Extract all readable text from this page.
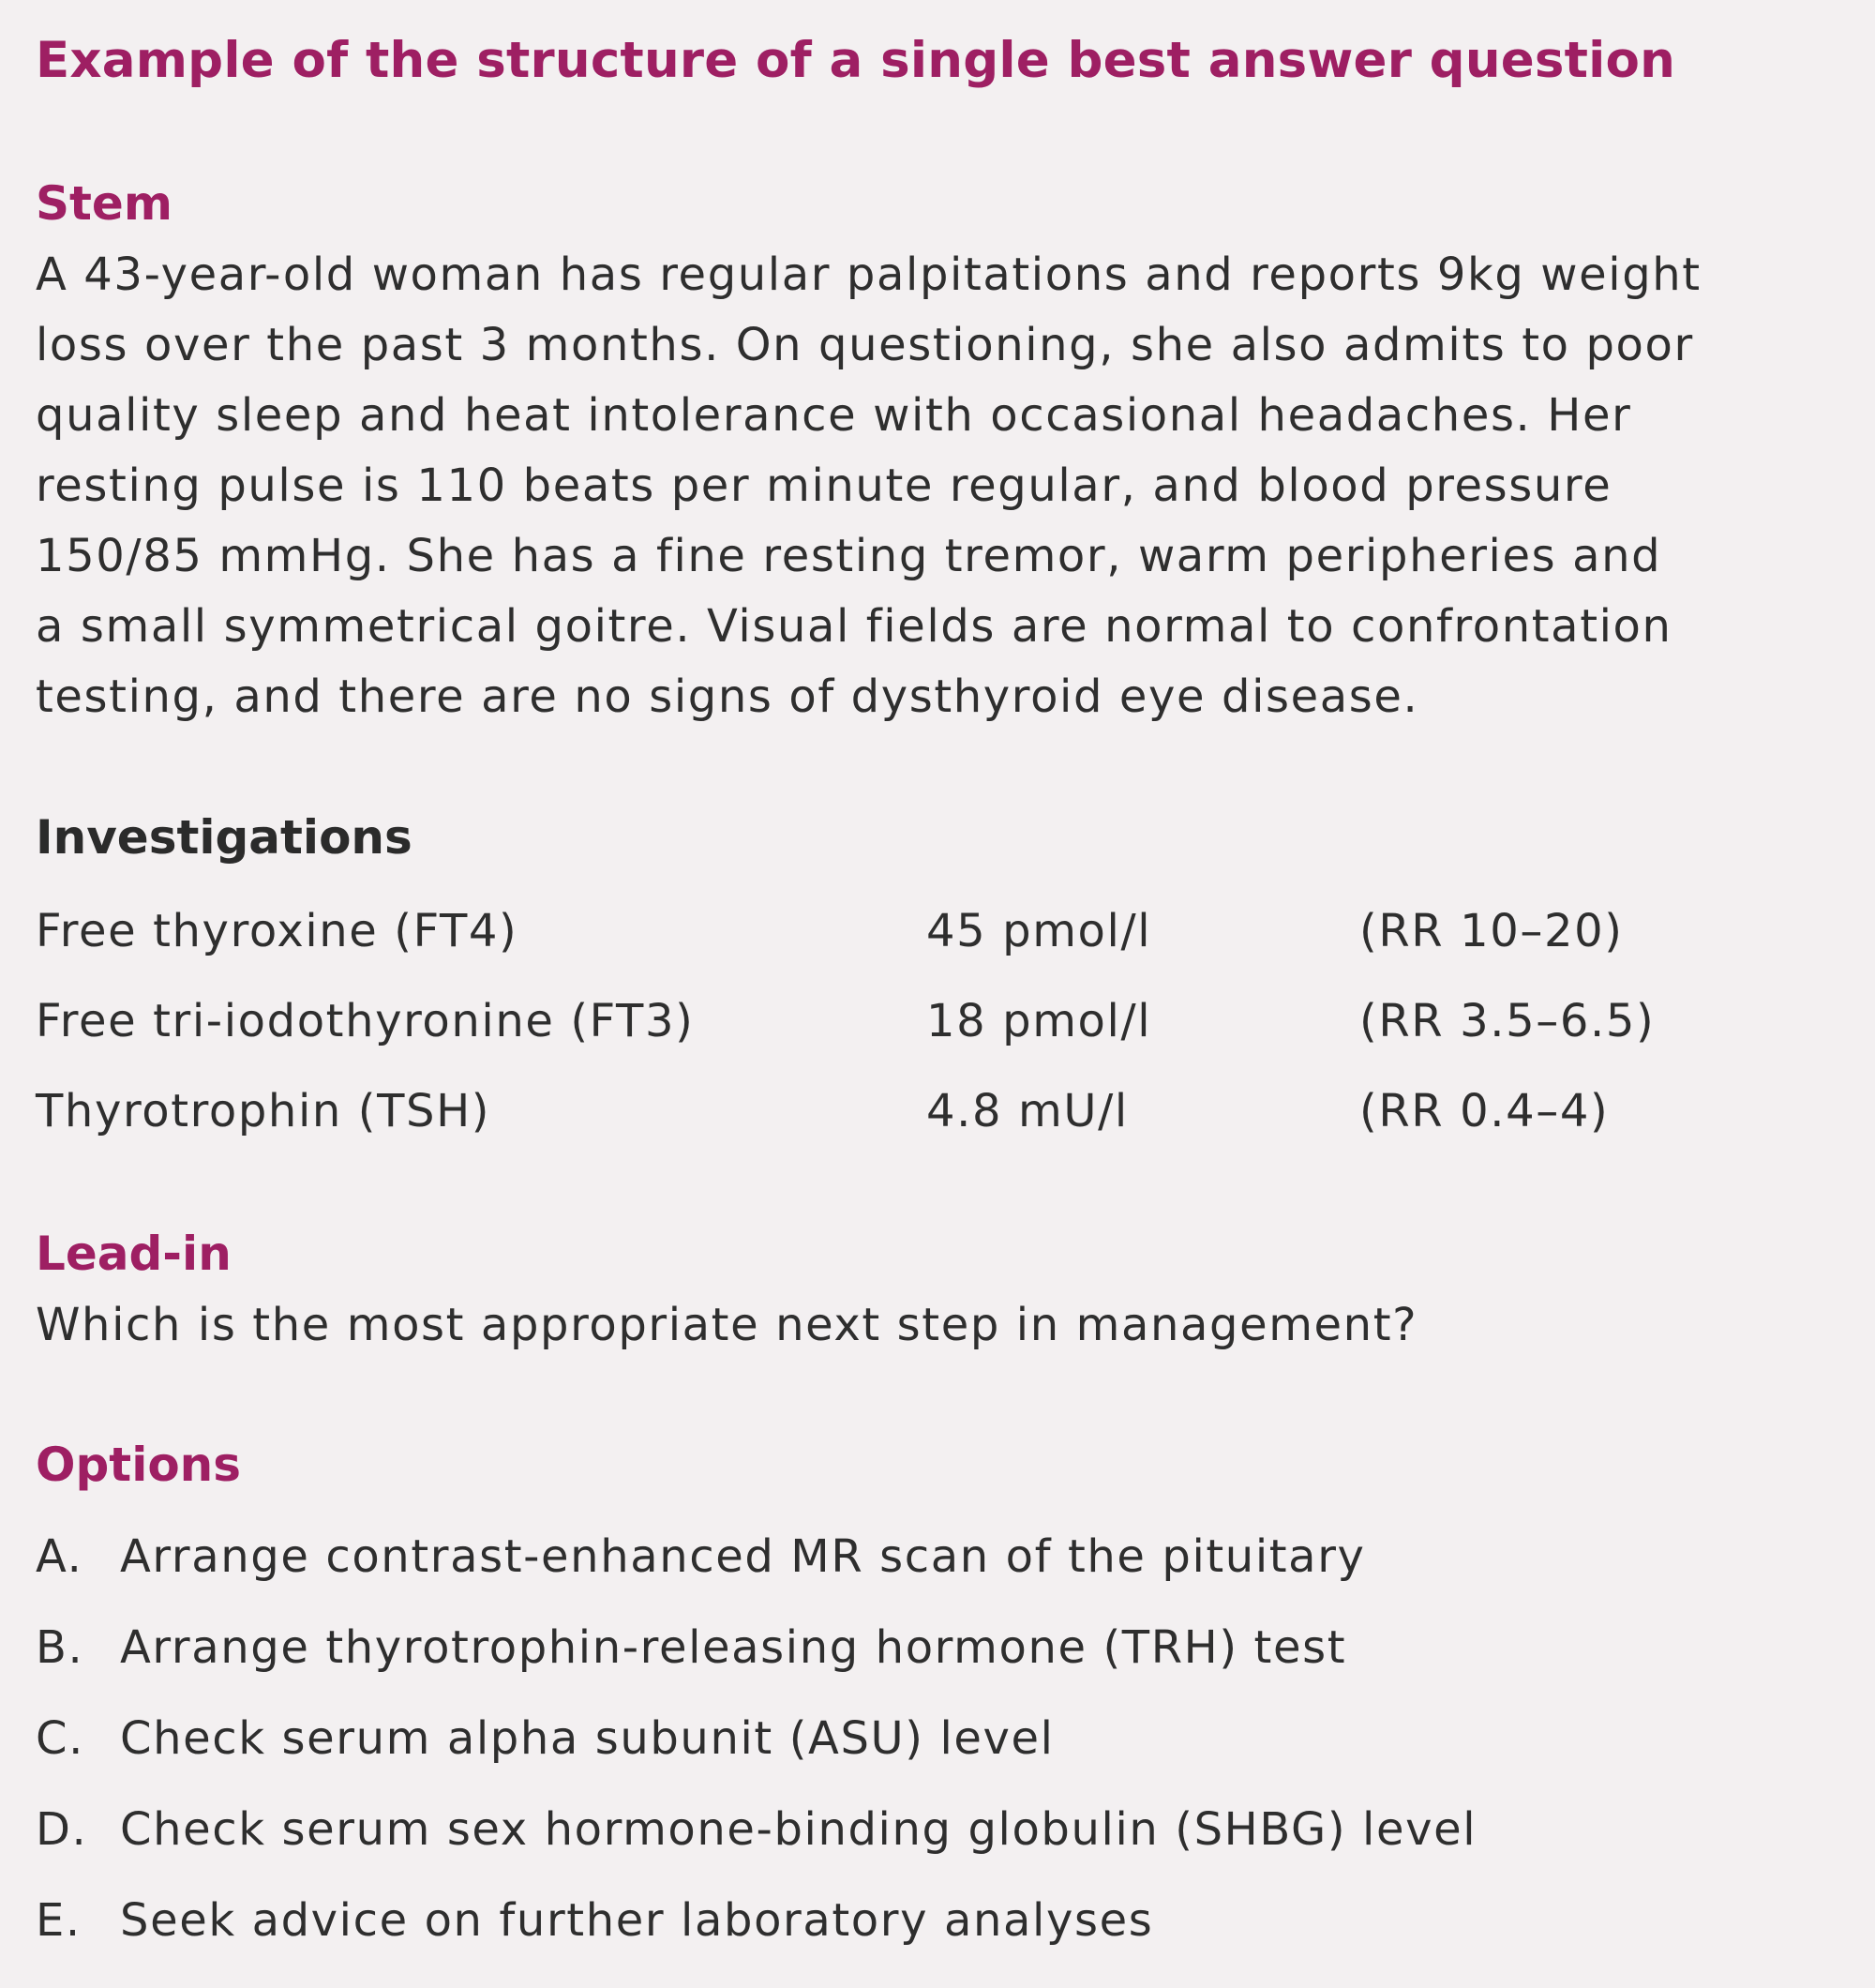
Example of the structure of a single best answer question
Stem
A 43-year-old woman has regular palpitations and reports 9kg weight
loss over the past 3 months. On questioning, she also admits to poor
quality sleep and heat intolerance with occasional headaches. Her
resting pulse is 110 beats per minute regular, and blood pressure
150/85 mmHg. She has a fine resting tremor, warm peripheries and
a small symmetrical goitre. Visual fields are normal to confrontation
testing, and there are no signs of dysthyroid eye disease.
Investigations
Free thyroxine (FT4)	45 pmol/l	(RR 10–20)
Free tri-iodothyronine (FT3)	18 pmol/l	(RR 3.5–6.5)
Thyrotrophin (TSH)	4.8 mU/l	(RR 0.4–4)
Lead-in
Which is the most appropriate next step in management?
Options
A. Arrange contrast-enhanced MR scan of the pituitary
B. Arrange thyrotrophin-releasing hormone (TRH) test
C. Check serum alpha subunit (ASU) level
D. Check serum sex hormone-binding globulin (SHBG) level
E. Seek advice on further laboratory analyses
